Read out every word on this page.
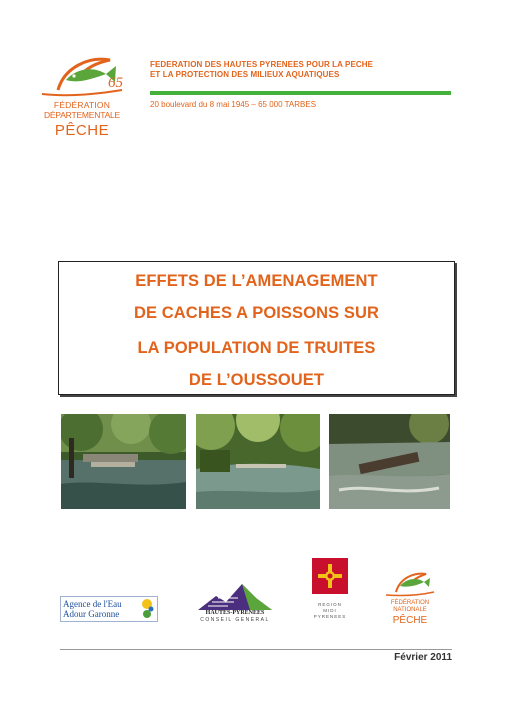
65
FÉDÉRATION
DÉPARTEMENTALE
PÊCHE
FEDERATION DES HAUTES PYRENEES POUR LA PECHE
ET LA PROTECTION DES MILIEUX AQUATIQUES
20 boulevard du 8 mai 1945 – 65 000 TARBES
EFFETS DE L’AMENAGEMENT
DE CACHES A POISSONS SUR
LA POPULATION DE TRUITES
DE L’OUSSOUET
Agence de l'Eau
Adour Garonne	HAUTES-PYRENEES
CONSEIL GENERAL
REGION
MIDI
PYRENEES
FÉDÉRATION
NATIONALE
PÊCHE
Février 2011
